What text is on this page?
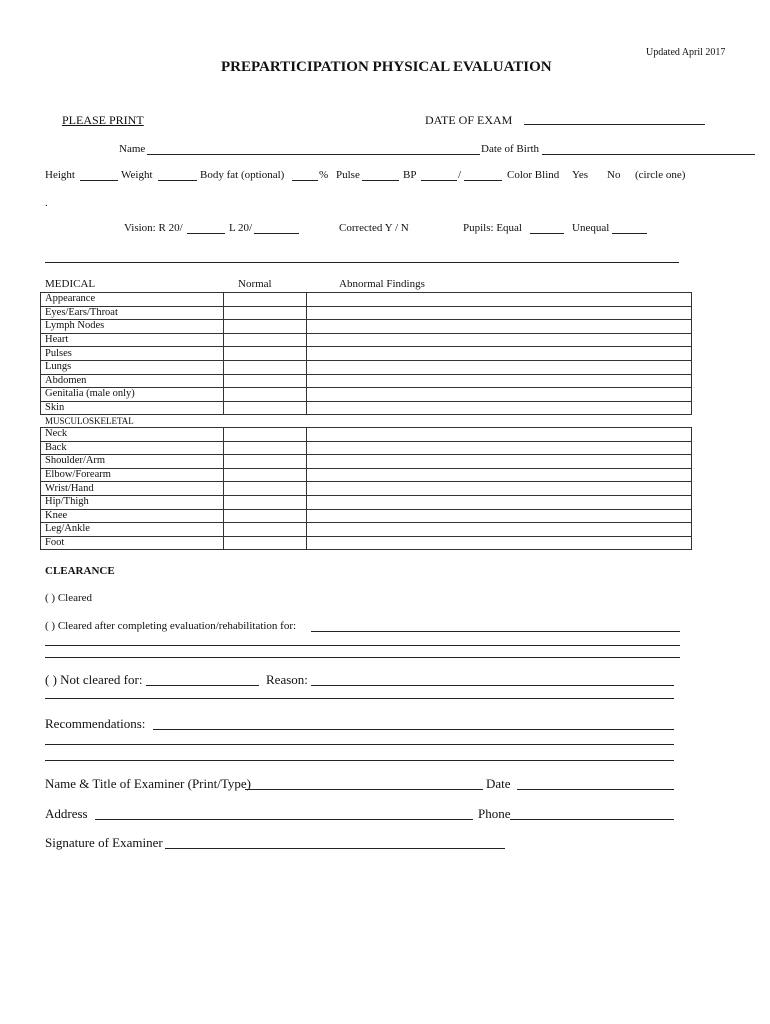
Updated April 2017
PREPARTICIPATION PHYSICAL EVALUATION
PLEASE PRINT	DATE OF EXAM
Name	Date of Birth
Height	Weight	Body fat (optional)	% Pulse	BP	/	Color Blind Yes No (circle one)
.
Vision: R 20/	L 20/	Corrected Y / N	Pupils: Equal	Unequal
MEDICAL	Normal	Abnormal Findings
Appearance		
Eyes/Ears/Throat		
Lymph Nodes		
Heart		
Pulses		
Lungs		
Abdomen		
Genitalia (male only)		
Skin		
MUSCULOSKELETAL
Neck		
Back		
Shoulder/Arm		
Elbow/Forearm		
Wrist/Hand		
Hip/Thigh		
Knee		
Leg/Ankle		
Foot		
CLEARANCE
( ) Cleared
( ) Cleared after completing evaluation/rehabilitation for:
( ) Not cleared for:	Reason:
Recommendations:
Name & Title of Examiner (Print/Type)	Date
Address	Phone
Signature of Examiner
